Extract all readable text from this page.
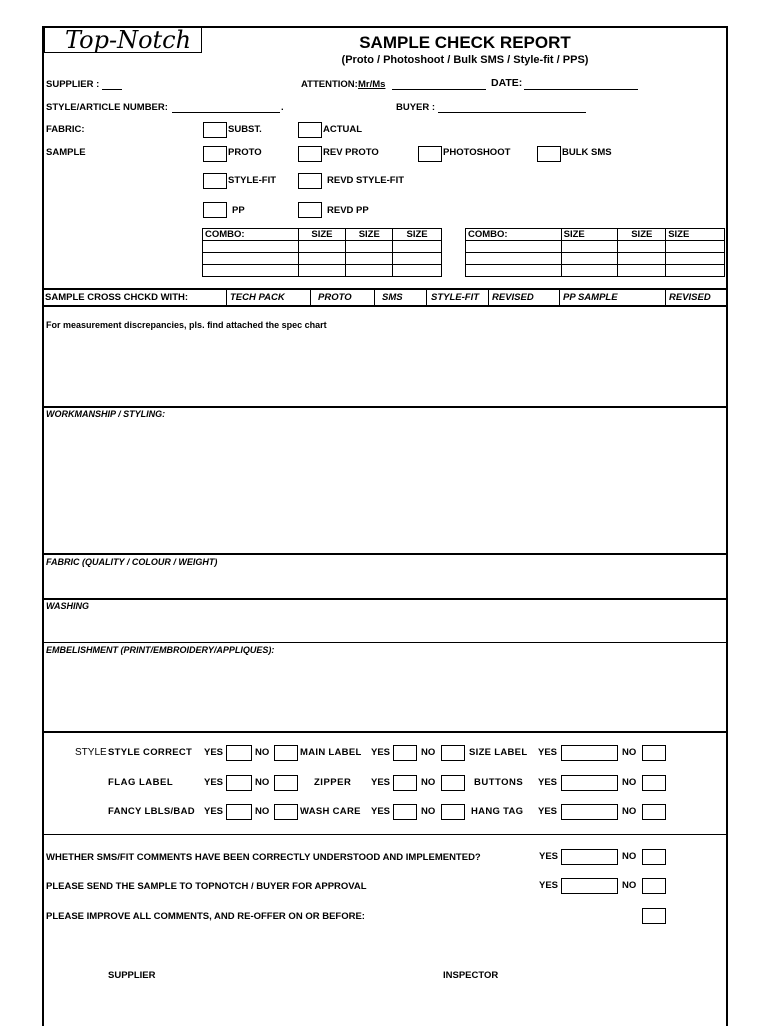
Top-Notch	SAMPLE CHECK REPORT
(Proto / Photoshoot / Bulk SMS / Style-fit / PPS)
SUPPLIER :	ATTENTION: Mr/Ms	DATE:
STYLE/ARTICLE NUMBER:	.	BUYER :
FABRIC:	SUBST.	ACTUAL
SAMPLE	PROTO	REV PROTO	PHOTOSHOOT	BULK SMS
STYLE-FIT	REVD STYLE-FIT
PP	REVD PP
COMBO:	SIZE	SIZE	SIZE

				COMBO:	SIZE	SIZE	SIZE

SAMPLE CROSS CHCKD WITH:	TECH PACK	PROTO	SMS	STYLE-FIT	REVISED	PP SAMPLE	REVISED
For measurement discrepancies, pls. find attached the spec chart
WORKMANSHIP / STYLING:
FABRIC (QUALITY / COLOUR / WEIGHT)
WASHING
EMBELISHMENT (PRINT/EMBROIDERY/APPLIQUES):
STYLE STYLE CORRECT YES	NO	MAIN LABEL YES	NO	SIZE LABEL YES	NO
FLAG LABEL	YES	NO	ZIPPER YES	NO	BUTTONS YES	NO
FANCY LBLS/BAD YES	NO	WASH CARE YES	NO	HANG TAG YES	NO
WHETHER SMS/FIT COMMENTS HAVE BEEN CORRECTLY UNDERSTOOD AND IMPLEMENTED?	YES	NO
PLEASE SEND THE SAMPLE TO TOPNOTCH / BUYER FOR APPROVAL	YES	NO
PLEASE IMPROVE ALL COMMENTS, AND RE-OFFER ON OR BEFORE:
SUPPLIER	INSPECTOR
